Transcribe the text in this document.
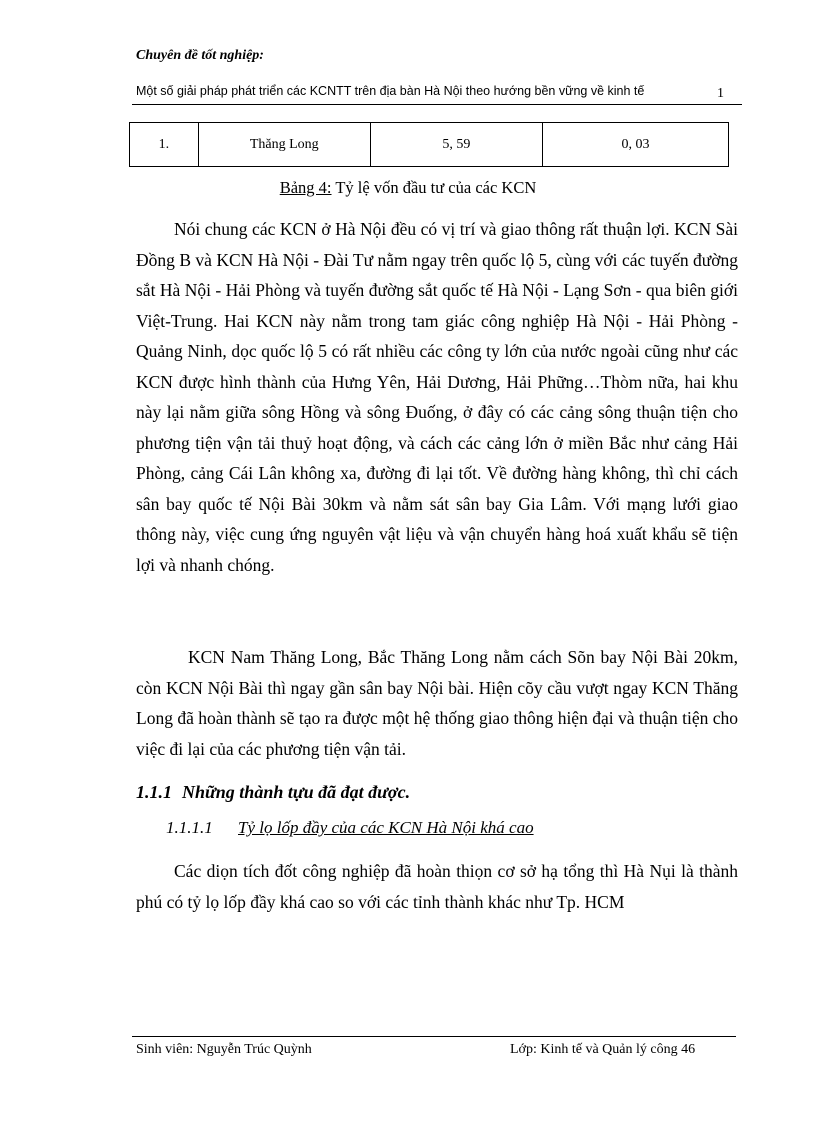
Chuyên đề tốt nghiệp:
Một số giải pháp phát triển các KCNTT trên địa bàn Hà Nội theo hướng bền vững về kinh tế	1
1.	Thăng Long	5, 59	0, 03
Bảng 4: Tỷ lệ vốn đầu tư của các KCN

Nói chung các KCN ở Hà Nội đều có vị trí và giao thông rất thuận lợi. KCN Sài Đồng B và KCN Hà Nội - Đài Tư nằm ngay trên quốc lộ 5, cùng với các tuyến đường sắt Hà Nội - Hải Phòng và tuyến đường sắt quốc tế Hà Nội - Lạng Sơn - qua biên giới Việt-Trung. Hai KCN này nằm trong tam giác công nghiệp Hà Nội - Hải Phòng - Quảng Ninh, dọc quốc lộ 5 có rất nhiều các công ty lớn của nước ngoài cũng như các KCN được hình thành của Hưng Yên, Hải Dương, Hải Phững…Thòm nữa, hai khu này lại nằm giữa sông Hồng và sông Đuống, ở đây có các cảng sông thuận tiện cho phương tiện vận tải thuỷ hoạt động, và cách các cảng lớn ở miền Bắc như cảng Hải Phòng, cảng Cái Lân không xa, đường đi lại tốt. Về đường hàng không, thì chỉ cách sân bay quốc tế Nội Bài 30km và nằm sát sân bay Gia Lâm. Với mạng lưới giao thông này, việc cung ứng nguyên vật liệu và vận chuyển hàng hoá xuất khẩu sẽ tiện lợi và nhanh chóng.

KCN Nam Thăng Long, Bắc Thăng Long nằm cách Sõn bay Nội Bài 20km, còn KCN Nội Bài thì ngay gần sân bay Nội bài. Hiện cõy cầu vượt ngay KCN Thăng Long đã hoàn thành sẽ tạo ra được một hệ thống giao thông hiện đại và thuận tiện cho việc đi lại của các phương tiện vận tải.

1.1.1 Những thành tựu đã đạt được.
1.1.1.1 Tỷ lọ lốp đầy của các KCN Hà Nội khá cao

Các diọn tích đốt công nghiệp đã hoàn thiọn cơ sở hạ tổng thì Hà Nụi là thành phú có tỷ lọ lốp đầy khá cao so với các tỉnh thành khác như Tp. HCM

Sinh viên: Nguyễn Trúc Quỳnh	Lớp: Kinh tế và Quản lý công 46
